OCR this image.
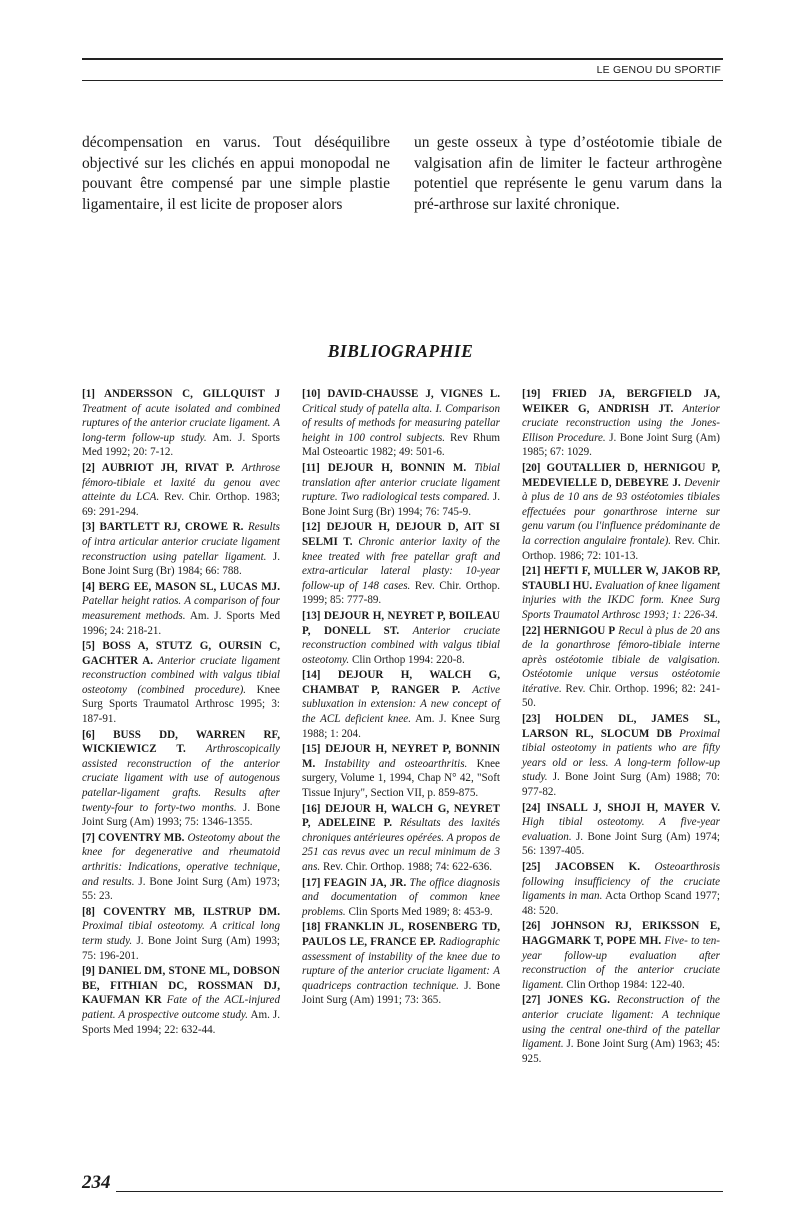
LE GENOU DU SPORTIF
décompensation en varus. Tout déséquilibre objectivé sur les clichés en appui monopodal ne pouvant être compensé par une simple plastie ligamentaire, il est licite de proposer alors
un geste osseux à type d’ostéotomie tibiale de valgisation afin de limiter le facteur arthrogène potentiel que représente le genu varum dans la pré-arthrose sur laxité chronique.
BIBLIOGRAPHIE

[1] ANDERSSON C, GILLQUIST J Treatment of acute isolated and combined ruptures of the anterior cruciate ligament. A long-term follow-up study. Am. J. Sports Med 1992; 20: 7-12.

[2] AUBRIOT JH, RIVAT P. Arthrose fémoro-tibiale et laxité du genou avec atteinte du LCA. Rev. Chir. Orthop. 1983; 69: 291-294.

[3] BARTLETT RJ, CROWE R. Results of intra articular anterior cruciate ligament reconstruction using patellar ligament. J. Bone Joint Surg (Br) 1984; 66: 788.

[4] BERG EE, MASON SL, LUCAS MJ. Patellar height ratios. A comparison of four measurement methods. Am. J. Sports Med 1996; 24: 218-21.

[5] BOSS A, STUTZ G, OURSIN C, GACHTER A. Anterior cruciate ligament reconstruction combined with valgus tibial osteotomy (combined procedure). Knee Surg Sports Traumatol Arthrosc 1995; 3: 187-91.

[6] BUSS DD, WARREN RF, WICKIEWICZ T. Arthroscopically assisted reconstruction of the anterior cruciate ligament with use of autogenous patellar-ligament grafts. Results after twenty-four to forty-two months. J. Bone Joint Surg (Am) 1993; 75: 1346-1355.

[7] COVENTRY MB. Osteotomy about the knee for degenerative and rheumatoid arthritis: Indications, operative technique, and results. J. Bone Joint Surg (Am) 1973; 55: 23.

[8] COVENTRY MB, ILSTRUP DM. Proximal tibial osteotomy. A critical long term study. J. Bone Joint Surg (Am) 1993; 75: 196-201.

[9] DANIEL DM, STONE ML, DOBSON BE, FITHIAN DC, ROSSMAN DJ, KAUFMAN KR Fate of the ACL-injured patient. A prospective outcome study. Am. J. Sports Med 1994; 22: 632-44.

[10] DAVID-CHAUSSE J, VIGNES L. Critical study of patella alta. I. Comparison of results of methods for measuring patellar height in 100 control subjects. Rev Rhum Mal Osteoartic 1982; 49: 501-6.

[11] DEJOUR H, BONNIN M. Tibial translation after anterior cruciate ligament rupture. Two radiological tests compared. J. Bone Joint Surg (Br) 1994; 76: 745-9.

[12] DEJOUR H, DEJOUR D, AIT SI SELMI T. Chronic anterior laxity of the knee treated with free patellar graft and extra-articular lateral plasty: 10-year follow-up of 148 cases. Rev. Chir. Orthop. 1999; 85: 777-89.

[13] DEJOUR H, NEYRET P, BOILEAU P, DONELL ST. Anterior cruciate reconstruction combined with valgus tibial osteotomy. Clin Orthop 1994: 220-8.

[14] DEJOUR H, WALCH G, CHAMBAT P, RANGER P. Active subluxation in extension: A new concept of the ACL deficient knee. Am. J. Knee Surg 1988; 1: 204.

[15] DEJOUR H, NEYRET P, BONNIN M. Instability and osteoarthritis. Knee surgery, Volume 1, 1994, Chap N° 42, "Soft Tissue Injury", Section VII, p. 859-875.

[16] DEJOUR H, WALCH G, NEYRET P, ADELEINE P. Résultats des laxités chroniques antérieures opérées. A propos de 251 cas revus avec un recul minimum de 3 ans. Rev. Chir. Orthop. 1988; 74: 622-636.

[17] FEAGIN JA, JR. The office diagnosis and documentation of common knee problems. Clin Sports Med 1989; 8: 453-9.

[18] FRANKLIN JL, ROSENBERG TD, PAULOS LE, FRANCE EP. Radiographic assessment of instability of the knee due to rupture of the anterior cruciate ligament: A quadriceps contraction technique. J. Bone Joint Surg (Am) 1991; 73: 365.

[19] FRIED JA, BERGFIELD JA, WEIKER G, ANDRISH JT. Anterior cruciate reconstruction using the Jones-Ellison Procedure. J. Bone Joint Surg (Am) 1985; 67: 1029.

[20] GOUTALLIER D, HERNIGOU P, MEDEVIELLE D, DEBEYRE J. Devenir à plus de 10 ans de 93 ostéotomies tibiales effectuées pour gonarthrose interne sur genu varum (ou l'influence prédominante de la correction angulaire frontale). Rev. Chir. Orthop. 1986; 72: 101-13.

[21] HEFTI F, MULLER W, JAKOB RP, STAUBLI HU. Evaluation of knee ligament injuries with the IKDC form. Knee Surg Sports Traumatol Arthrosc 1993; 1: 226-34.

[22] HERNIGOU P Recul à plus de 20 ans de la gonarthrose fémoro-tibiale interne après ostéotomie tibiale de valgisation. Ostéotomie unique versus ostéotomie itérative. Rev. Chir. Orthop. 1996; 82: 241-50.

[23] HOLDEN DL, JAMES SL, LARSON RL, SLOCUM DB Proximal tibial osteotomy in patients who are fifty years old or less. A long-term follow-up study. J. Bone Joint Surg (Am) 1988; 70: 977-82.

[24] INSALL J, SHOJI H, MAYER V. High tibial osteotomy. A five-year evaluation. J. Bone Joint Surg (Am) 1974; 56: 1397-405.

[25] JACOBSEN K. Osteoarthrosis following insufficiency of the cruciate ligaments in man. Acta Orthop Scand 1977; 48: 520.

[26] JOHNSON RJ, ERIKSSON E, HAGGMARK T, POPE MH. Five- to ten-year follow-up evaluation after reconstruction of the anterior cruciate ligament. Clin Orthop 1984: 122-40.

[27] JONES KG. Reconstruction of the anterior cruciate ligament: A technique using the central one-third of the patellar ligament. J. Bone Joint Surg (Am) 1963; 45: 925.

234
